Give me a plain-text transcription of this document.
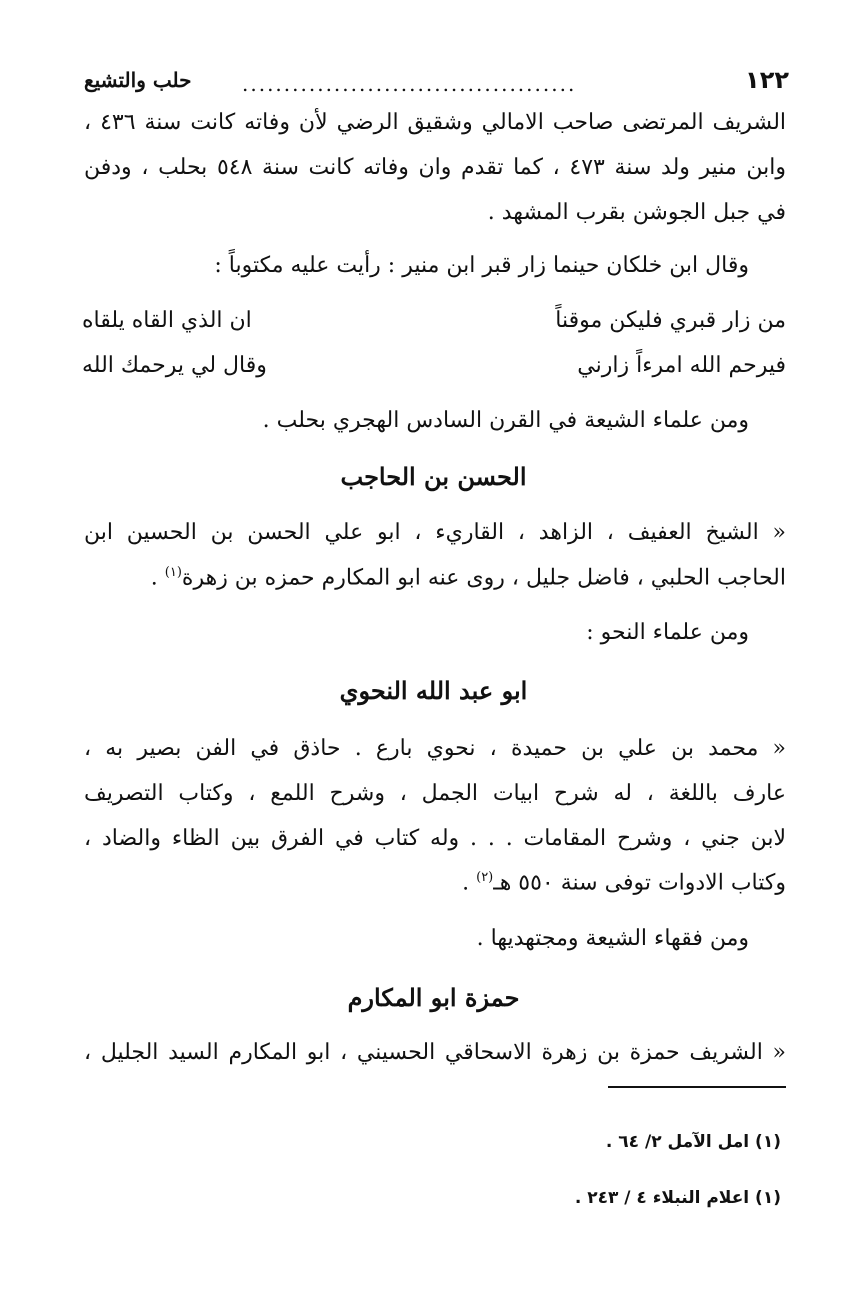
١٢٢
........................................
حلب والتشيع
الشريف المرتضى صاحب الامالي وشقيق الرضي لأن وفاته كانت سنة ٤٣٦ ،
وابن منير ولد سنة ٤٧٣ ، كما تقدم وان وفاته كانت سنة ٥٤٨ بحلب ، ودفن
في جبل الجوشن بقرب المشهد .
وقال ابن خلكان حينما زار قبر ابن منير : رأيت عليه مكتوباً :
من زار قبري فليكن موقناً
ان الذي القاه يلقاه
فيرحم الله امرءاً زارني
وقال لي يرحمك الله
ومن علماء الشيعة في القرن السادس الهجري بحلب .
الحسن بن الحاجب
« الشيخ العفيف ، الزاهد ، القاريء ، ابو علي الحسن بن الحسين ابن
الحاجب الحلبي ، فاضل جليل ، روى عنه ابو المكارم حمزه بن زهرة$^{(١)}$ .
ومن علماء النحو :
ابو عبد الله النحوي
« محمد بن علي بن حميدة ، نحوي بارع . حاذق في الفن بصير به ،
عارف باللغة ، له شرح ابيات الجمل ، وشرح اللمع ، وكتاب التصريف
لابن جني ، وشرح المقامات . . . وله كتاب في الفرق بين الظاء والضاد ،
وكتاب الادوات توفى سنة ٥٥٠ هـ$^{(٢)}$ .
ومن فقهاء الشيعة ومجتهديها .
حمزة ابو المكارم
« الشريف حمزة بن زهرة الاسحاقي الحسيني ، ابو المكارم السيد الجليل ،
(١) امل الآمل ٢/ ٦٤ .
(١) اعلام النبلاء ٤ / ٢٤٣ .
